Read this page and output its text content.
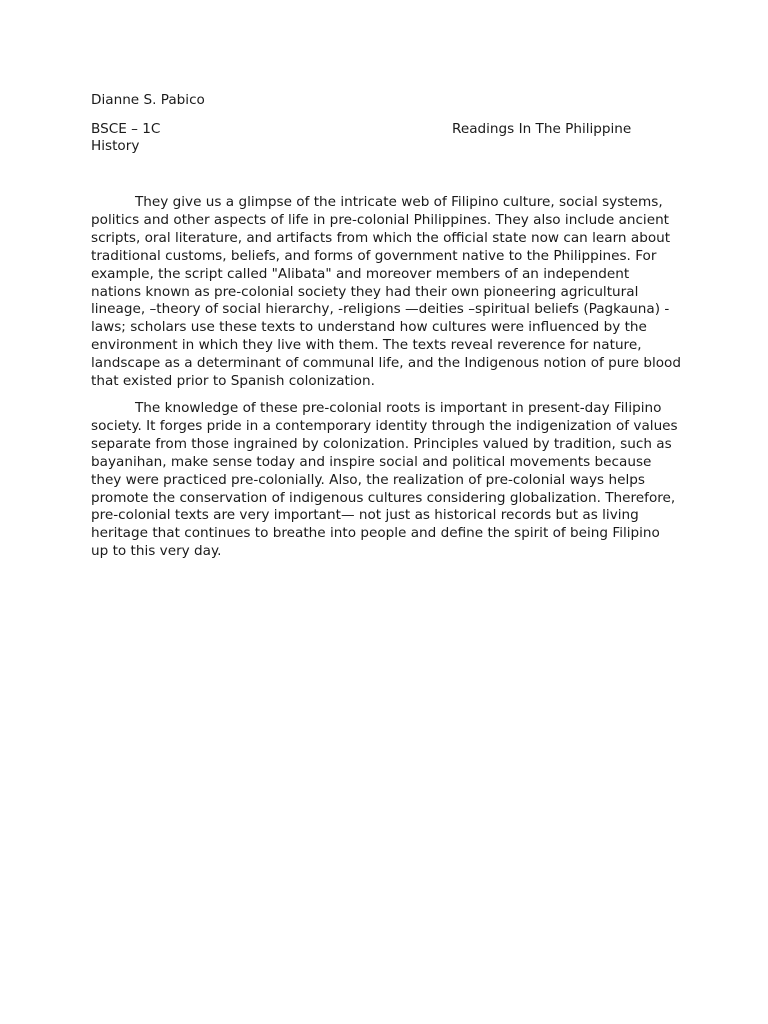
Dianne S. Pabico

BSCE – 1C	Readings In The Philippine

History

They give us a glimpse of the intricate web of Filipino culture, social systems, politics and other aspects of life in pre-colonial Philippines. They also include ancient scripts, oral literature, and artifacts from which the official state now can learn about traditional customs, beliefs, and forms of government native to the Philippines. For example, the script called "Alibata" and moreover members of an independent nations known as pre-colonial society they had their own pioneering agricultural lineage, –theory of social hierarchy, -religions —deities –spiritual beliefs (Pagkauna) -laws; scholars use these texts to understand how cultures were influenced by the environment in which they live with them. The texts reveal reverence for nature, landscape as a determinant of communal life, and the Indigenous notion of pure blood that existed prior to Spanish colonization.

The knowledge of these pre-colonial roots is important in present-day Filipino society. It forges pride in a contemporary identity through the indigenization of values separate from those ingrained by colonization. Principles valued by tradition, such as bayanihan, make sense today and inspire social and political movements because they were practiced pre-colonially. Also, the realization of pre-colonial ways helps promote the conservation of indigenous cultures considering globalization. Therefore, pre-colonial texts are very important— not just as historical records but as living heritage that continues to breathe into people and define the spirit of being Filipino up to this very day.
